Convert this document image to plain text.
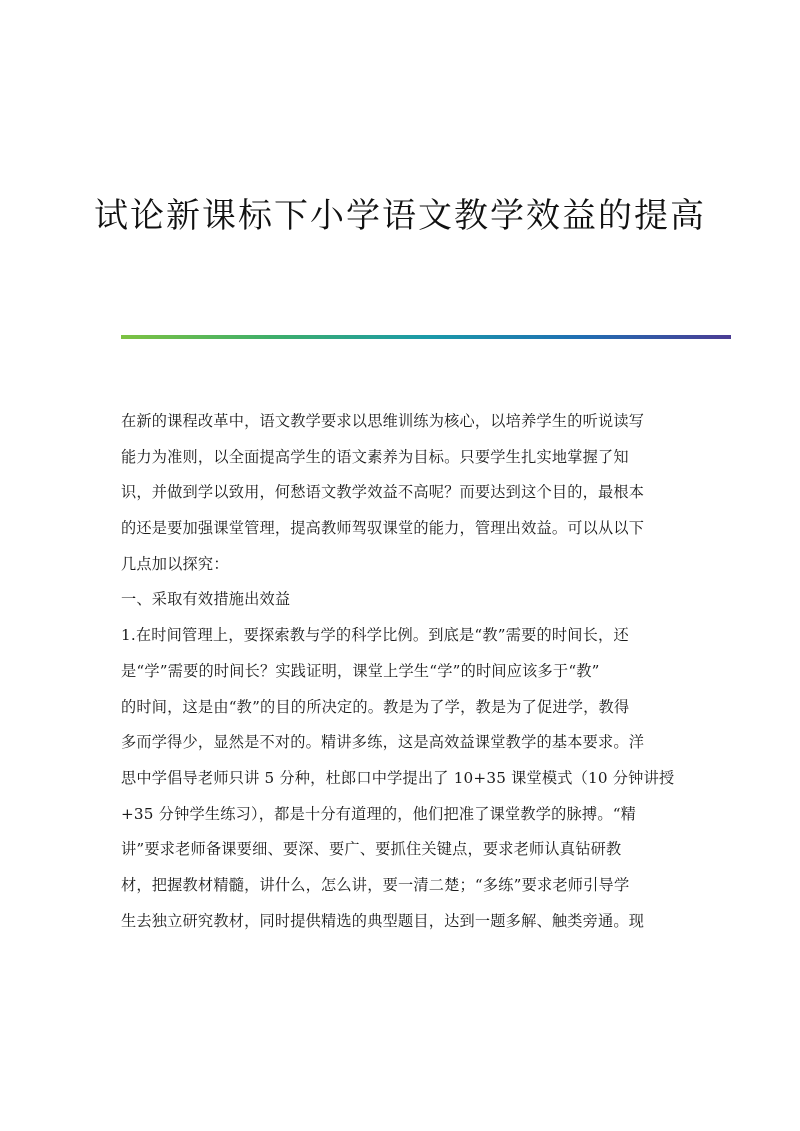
试论新课标下小学语文教学效益的提高
在新的课程改革中，语文教学要求以思维训练为核心，以培养学生的听说读写
能力为准则，以全面提高学生的语文素养为目标。只要学生扎实地掌握了知
识，并做到学以致用，何愁语文教学效益不高呢？而要达到这个目的，最根本
的还是要加强课堂管理，提高教师驾驭课堂的能力，管理出效益。可以从以下
几点加以探究：
一、采取有效措施出效益
1.在时间管理上，要探索教与学的科学比例。到底是“教”需要的时间长，还
是“学”需要的时间长？实践证明，课堂上学生“学”的时间应该多于“教”
的时间，这是由“教”的目的所决定的。教是为了学，教是为了促进学，教得
多而学得少，显然是不对的。精讲多练，这是高效益课堂教学的基本要求。洋
思中学倡导老师只讲 5 分种，杜郎口中学提出了 10+35 课堂模式（10 分钟讲授
+35 分钟学生练习），都是十分有道理的，他们把准了课堂教学的脉搏。“精
讲”要求老师备课要细、要深、要广、要抓住关键点，要求老师认真钻研教
材，把握教材精髓，讲什么，怎么讲，要一清二楚；“多练”要求老师引导学
生去独立研究教材，同时提供精选的典型题目，达到一题多解、触类旁通。现
